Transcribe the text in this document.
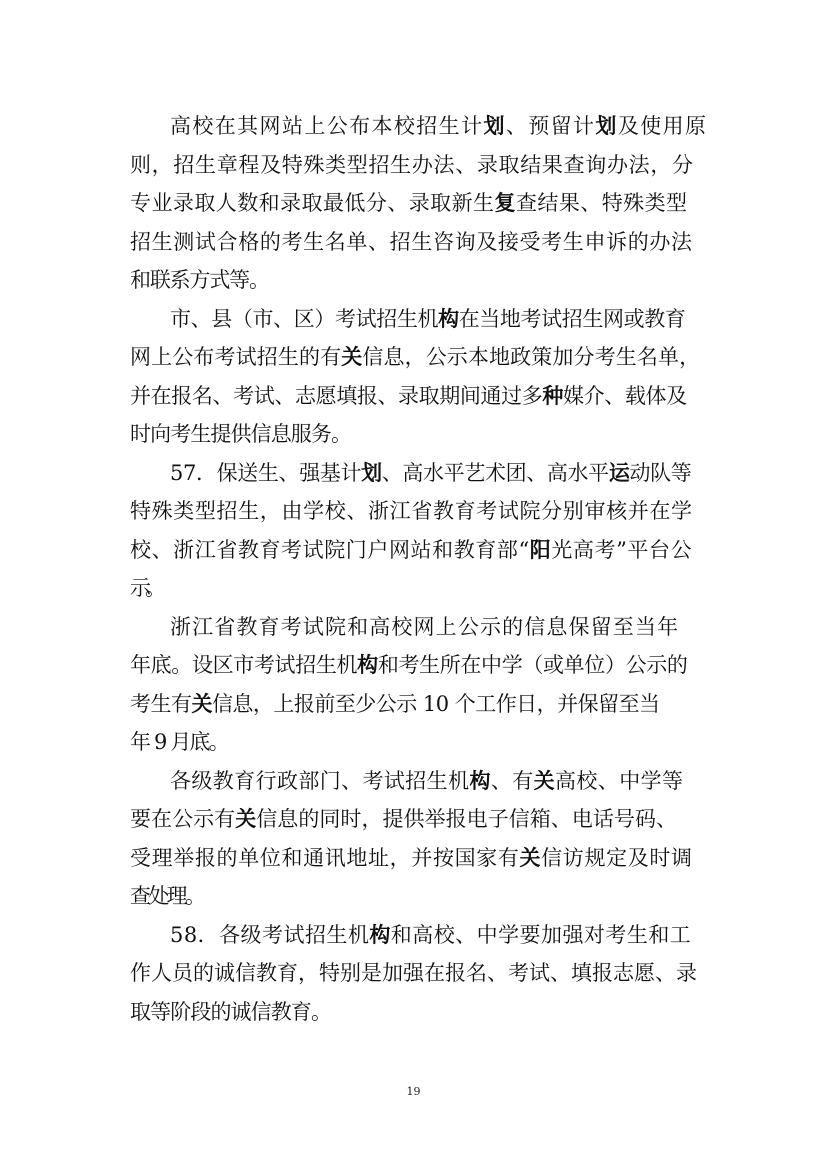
高校在其网站上公布本校招生计划、预留计划及使用原
则，招生章程及特殊类型招生办法、录取结果查询办法，分
专业录取人数和录取最低分、录取新生复查结果、特殊类型
招生测试合格的考生名单、招生咨询及接受考生申诉的办法
和联系方式等。
市、县（市、区）考试招生机构在当地考试招生网或教育
网上公布考试招生的有关信息，公示本地政策加分考生名单，
并在报名、考试、志愿填报、录取期间通过多种媒介、载体及
时向考生提供信息服务。
57．保送生、强基计划、高水平艺术团、高水平运动队等
特殊类型招生，由学校、浙江省教育考试院分别审核并在学
校、浙江省教育考试院门户网站和教育部“阳光高考”平台公
示。
浙江省教育考试院和高校网上公示的信息保留至当年
年底。设区市考试招生机构和考生所在中学（或单位）公示的
考生有关信息，上报前至少公示 10 个工作日，并保留至当
年 9 月底。
各级教育行政部门、考试招生机构、有关高校、中学等
要在公示有关信息的同时，提供举报电子信箱、电话号码、
受理举报的单位和通讯地址，并按国家有关信访规定及时调
查处理。
58．各级考试招生机构和高校、中学要加强对考生和工
作人员的诚信教育，特别是加强在报名、考试、填报志愿、录
取等阶段的诚信教育。
19
